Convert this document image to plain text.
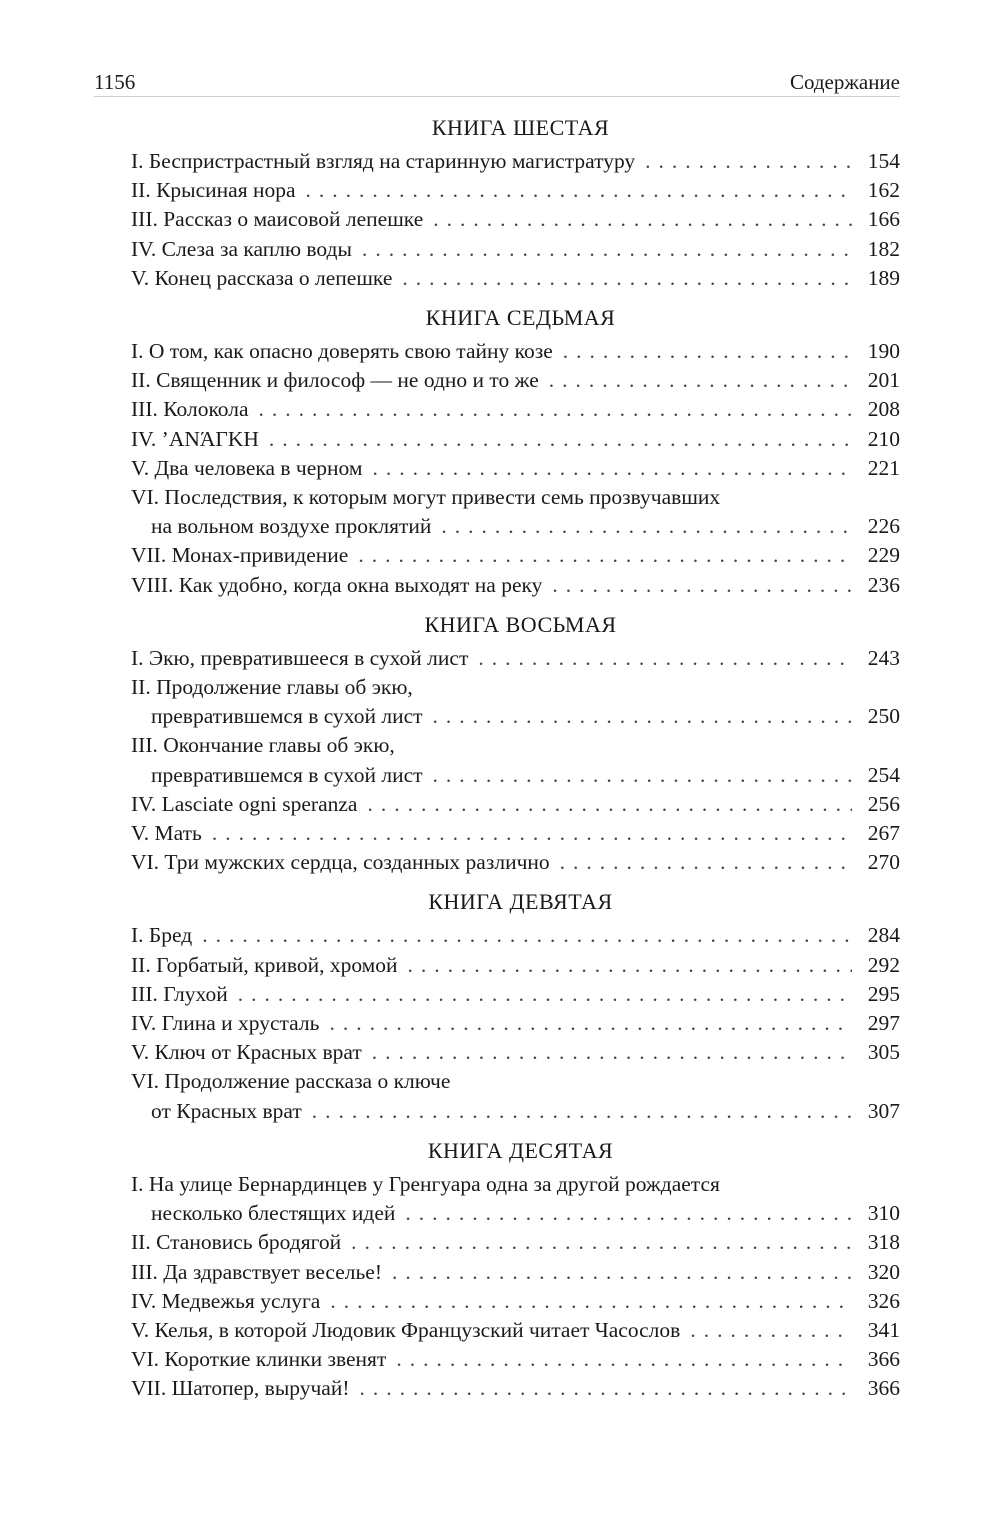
1156	Содержание
КНИГА ШЕСТАЯ
I. Беспристрастный взгляд на старинную магистратуру .....	154
II. Крысиная нора .....	162
III. Рассказ о маисовой лепешке .....	166
IV. Слеза за каплю воды .....	182
V. Конец рассказа о лепешке .....	189
КНИГА СЕДЬМАЯ
I. О том, как опасно доверять свою тайну козе .....	190
II. Священник и философ — не одно и то же .....	201
III. Колокола .....	208
IV. ’ΑΝΆΓΚΗ .....	210
V. Два человека в черном .....	221
VI. Последствия, к которым могут привести семь прозвучавших
на вольном воздухе проклятий .....	226
VII. Монах-привидение .....	229
VIII. Как удобно, когда окна выходят на реку .....	236
КНИГА ВОСЬМАЯ
I. Экю, превратившееся в сухой лист .....	243
II. Продолжение главы об экю,
превратившемся в сухой лист .....	250
III. Окончание главы об экю,
превратившемся в сухой лист .....	254
IV. Lasciate ogni speranza .....	256
V. Мать .....	267
VI. Три мужских сердца, созданных различно .....	270
КНИГА ДЕВЯТАЯ
I. Бред .....	284
II. Горбатый, кривой, хромой .....	292
III. Глухой .....	295
IV. Глина и хрусталь .....	297
V. Ключ от Красных врат .....	305
VI. Продолжение рассказа о ключе
от Красных врат .....	307
КНИГА ДЕСЯТАЯ
I. На улице Бернардинцев у Гренгуара одна за другой рождается
несколько блестящих идей .....	310
II. Становись бродягой .....	318
III. Да здравствует веселье! .....	320
IV. Медвежья услуга .....	326
V. Келья, в которой Людовик Французский читает Часослов .....	341
VI. Короткие клинки звенят .....	366
VII. Шатопер, выручай! .....	366
